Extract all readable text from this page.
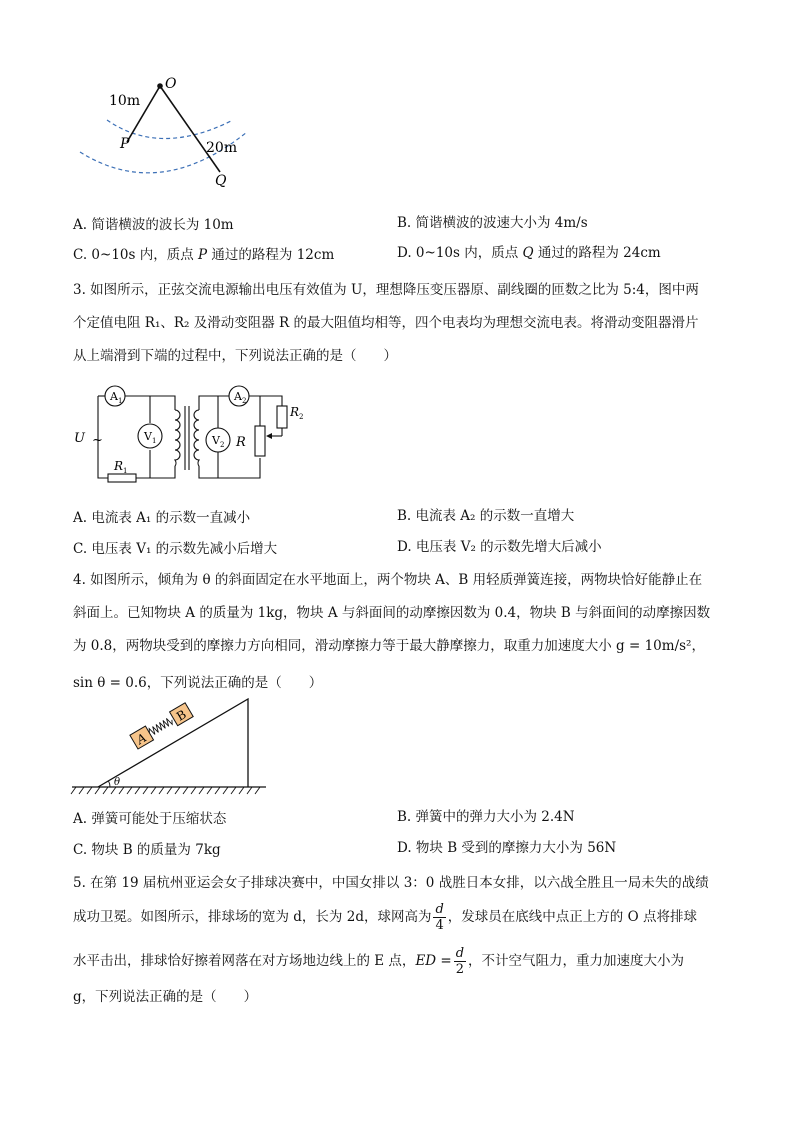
O
10m
P	20m
Q
A. 简谐横波的波长为 10m	B. 简谐横波的波速大小为 4m/s
C. 0~10s 内，质点 P 通过的路程为 12cm	D. 0~10s 内，质点 Q 通过的路程为 24cm
3. 如图所示，正弦交流电源输出电压有效值为 U，理想降压变压器原、副线圈的匝数之比为 5:4，图中两
个定值电阻 R₁、R₂ 及滑动变阻器 R 的最大阻值均相等，四个电表均为理想交流电表。将滑动变阻器滑片
从上端滑到下端的过程中，下列说法正确的是（　　）
$A_1$
$V_1$
$A_2$
$V_2$
U ~
$R_1$
$R_2$
R
A. 电流表 A₁ 的示数一直减小	B. 电流表 A₂ 的示数一直增大
C. 电压表 V₁ 的示数先减小后增大	D. 电压表 V₂ 的示数先增大后减小
4. 如图所示，倾角为 θ 的斜面固定在水平地面上，两个物块 A、B 用轻质弹簧连接，两物块恰好能静止在
斜面上。已知物块 A 的质量为 1kg，物块 A 与斜面间的动摩擦因数为 0.4，物块 B 与斜面间的动摩擦因数
为 0.8，两物块受到的摩擦力方向相同，滑动摩擦力等于最大静摩擦力，取重力加速度大小 g = 10m/s²，
sin θ = 0.6，下列说法正确的是（　　）
θ
A
B
A. 弹簧可能处于压缩状态	B. 弹簧中的弹力大小为 2.4N
C. 物块 B 的质量为 7kg	D. 物块 B 受到的摩擦力大小为 56N
5. 在第 19 届杭州亚运会女子排球决赛中，中国女排以 3：0 战胜日本女排，以六战全胜且一局未失的战绩
成功卫冕。如图所示，排球场的宽为 d，长为 2d，球网高为 $\frac{d}{4}$ ，发球员在底线中点正上方的 O 点将排球
水平击出，排球恰好擦着网落在对方场地边线上的 E 点，ED = $\frac{d}{2}$ ，不计空气阻力，重力加速度大小为
g，下列说法正确的是（　　）
